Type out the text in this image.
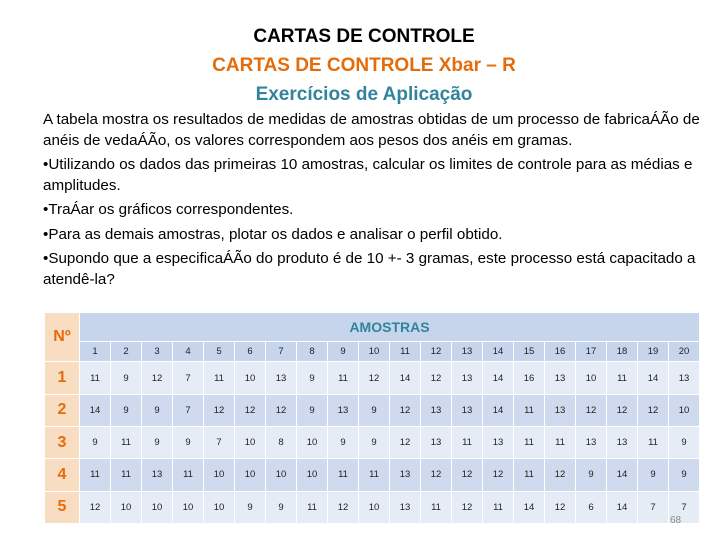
CARTAS DE CONTROLE
CARTAS DE CONTROLE Xbar – R
Exercícios de Aplicação

A tabela mostra os resultados de medidas de amostras obtidas de um processo de fabricaÁÃo de anéis de vedaÁÃo, os valores correspondem aos pesos dos anéis em gramas.

•Utilizando os dados das primeiras 10 amostras, calcular os limites de controle para as médias e amplitudes.

•TraÁar os gráficos correspondentes.

•Para as demais amostras, plotar os dados e analisar o perfil obtido.

•Supondo que a especificaÁÃo do produto é de 10 +- 3 gramas, este processo está capacitado a atendê-la?

Nº	AMOSTRAS																			
	1	2	3	4	5	6	7	8	9	10	11	12	13	14	15	16	17	18	19	20
1	11	9	12	7	11	10	13	9	11	12	14	12	13	14	16	13	10	11	14	13
2	14	9	9	7	12	12	12	9	13	9	12	13	13	14	11	13	12	12	12	10
3	9	11	9	9	7	10	8	10	9	9	12	13	11	13	11	11	13	13	11	9
4	11	11	13	11	10	10	10	10	11	11	13	12	12	12	11	12	9	14	9	9
5	12	10	10	10	10	9	9	11	12	10	13	11	12	11	14	12	6	14	7	7
68
